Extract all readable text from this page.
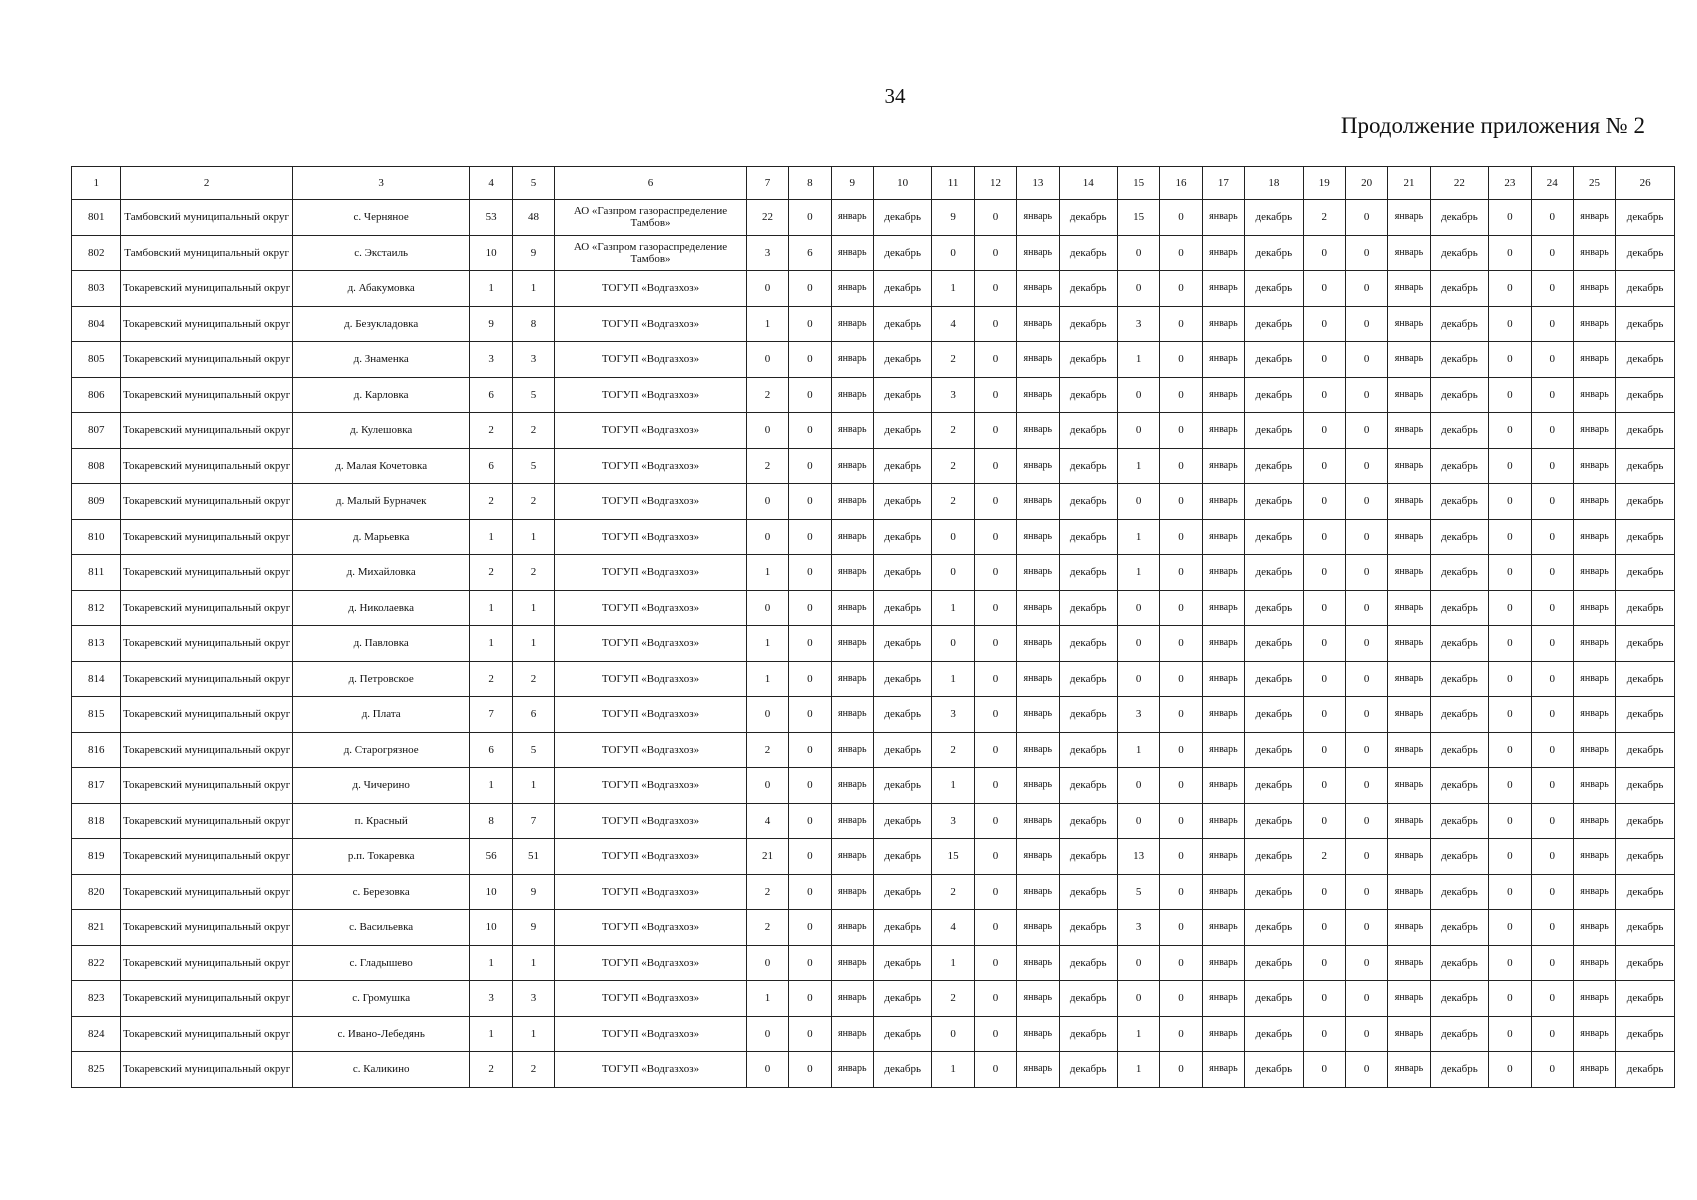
34
Продолжение приложения № 2
1	2	3	4	5	6	7	8	9	10	11	12	13	14	15	16	17	18	19	20	21	22	23	24	25	26
801	Тамбовский муниципальный округ	с. Черняное	53	48	АО «Газпром газораспределение Тамбов»	22	0	январь	декабрь	9	0	январь	декабрь	15	0	январь	декабрь	2	0	январь	декабрь	0	0	январь	декабрь
802	Тамбовский муниципальный округ	с. Экстаиль	10	9	АО «Газпром газораспределение Тамбов»	3	6	январь	декабрь	0	0	январь	декабрь	0	0	январь	декабрь	0	0	январь	декабрь	0	0	январь	декабрь
803	Токаревский муниципальный округ	д. Абакумовка	1	1	ТОГУП «Водгазхоз»	0	0	январь	декабрь	1	0	январь	декабрь	0	0	январь	декабрь	0	0	январь	декабрь	0	0	январь	декабрь
804	Токаревский муниципальный округ	д. Безукладовка	9	8	ТОГУП «Водгазхоз»	1	0	январь	декабрь	4	0	январь	декабрь	3	0	январь	декабрь	0	0	январь	декабрь	0	0	январь	декабрь
805	Токаревский муниципальный округ	д. Знаменка	3	3	ТОГУП «Водгазхоз»	0	0	январь	декабрь	2	0	январь	декабрь	1	0	январь	декабрь	0	0	январь	декабрь	0	0	январь	декабрь
806	Токаревский муниципальный округ	д. Карловка	6	5	ТОГУП «Водгазхоз»	2	0	январь	декабрь	3	0	январь	декабрь	0	0	январь	декабрь	0	0	январь	декабрь	0	0	январь	декабрь
807	Токаревский муниципальный округ	д. Кулешовка	2	2	ТОГУП «Водгазхоз»	0	0	январь	декабрь	2	0	январь	декабрь	0	0	январь	декабрь	0	0	январь	декабрь	0	0	январь	декабрь
808	Токаревский муниципальный округ	д. Малая Кочетовка	6	5	ТОГУП «Водгазхоз»	2	0	январь	декабрь	2	0	январь	декабрь	1	0	январь	декабрь	0	0	январь	декабрь	0	0	январь	декабрь
809	Токаревский муниципальный округ	д. Малый Бурначек	2	2	ТОГУП «Водгазхоз»	0	0	январь	декабрь	2	0	январь	декабрь	0	0	январь	декабрь	0	0	январь	декабрь	0	0	январь	декабрь
810	Токаревский муниципальный округ	д. Марьевка	1	1	ТОГУП «Водгазхоз»	0	0	январь	декабрь	0	0	январь	декабрь	1	0	январь	декабрь	0	0	январь	декабрь	0	0	январь	декабрь
811	Токаревский муниципальный округ	д. Михайловка	2	2	ТОГУП «Водгазхоз»	1	0	январь	декабрь	0	0	январь	декабрь	1	0	январь	декабрь	0	0	январь	декабрь	0	0	январь	декабрь
812	Токаревский муниципальный округ	д. Николаевка	1	1	ТОГУП «Водгазхоз»	0	0	январь	декабрь	1	0	январь	декабрь	0	0	январь	декабрь	0	0	январь	декабрь	0	0	январь	декабрь
813	Токаревский муниципальный округ	д. Павловка	1	1	ТОГУП «Водгазхоз»	1	0	январь	декабрь	0	0	январь	декабрь	0	0	январь	декабрь	0	0	январь	декабрь	0	0	январь	декабрь
814	Токаревский муниципальный округ	д. Петровское	2	2	ТОГУП «Водгазхоз»	1	0	январь	декабрь	1	0	январь	декабрь	0	0	январь	декабрь	0	0	январь	декабрь	0	0	январь	декабрь
815	Токаревский муниципальный округ	д. Плата	7	6	ТОГУП «Водгазхоз»	0	0	январь	декабрь	3	0	январь	декабрь	3	0	январь	декабрь	0	0	январь	декабрь	0	0	январь	декабрь
816	Токаревский муниципальный округ	д. Старогрязное	6	5	ТОГУП «Водгазхоз»	2	0	январь	декабрь	2	0	январь	декабрь	1	0	январь	декабрь	0	0	январь	декабрь	0	0	январь	декабрь
817	Токаревский муниципальный округ	д. Чичерино	1	1	ТОГУП «Водгазхоз»	0	0	январь	декабрь	1	0	январь	декабрь	0	0	январь	декабрь	0	0	январь	декабрь	0	0	январь	декабрь
818	Токаревский муниципальный округ	п. Красный	8	7	ТОГУП «Водгазхоз»	4	0	январь	декабрь	3	0	январь	декабрь	0	0	январь	декабрь	0	0	январь	декабрь	0	0	январь	декабрь
819	Токаревский муниципальный округ	р.п. Токаревка	56	51	ТОГУП «Водгазхоз»	21	0	январь	декабрь	15	0	январь	декабрь	13	0	январь	декабрь	2	0	январь	декабрь	0	0	январь	декабрь
820	Токаревский муниципальный округ	с. Березовка	10	9	ТОГУП «Водгазхоз»	2	0	январь	декабрь	2	0	январь	декабрь	5	0	январь	декабрь	0	0	январь	декабрь	0	0	январь	декабрь
821	Токаревский муниципальный округ	с. Васильевка	10	9	ТОГУП «Водгазхоз»	2	0	январь	декабрь	4	0	январь	декабрь	3	0	январь	декабрь	0	0	январь	декабрь	0	0	январь	декабрь
822	Токаревский муниципальный округ	с. Гладышево	1	1	ТОГУП «Водгазхоз»	0	0	январь	декабрь	1	0	январь	декабрь	0	0	январь	декабрь	0	0	январь	декабрь	0	0	январь	декабрь
823	Токаревский муниципальный округ	с. Громушка	3	3	ТОГУП «Водгазхоз»	1	0	январь	декабрь	2	0	январь	декабрь	0	0	январь	декабрь	0	0	январь	декабрь	0	0	январь	декабрь
824	Токаревский муниципальный округ	с. Ивано-Лебедянь	1	1	ТОГУП «Водгазхоз»	0	0	январь	декабрь	0	0	январь	декабрь	1	0	январь	декабрь	0	0	январь	декабрь	0	0	январь	декабрь
825	Токаревский муниципальный округ	с. Каликино	2	2	ТОГУП «Водгазхоз»	0	0	январь	декабрь	1	0	январь	декабрь	1	0	январь	декабрь	0	0	январь	декабрь	0	0	январь	декабрь
